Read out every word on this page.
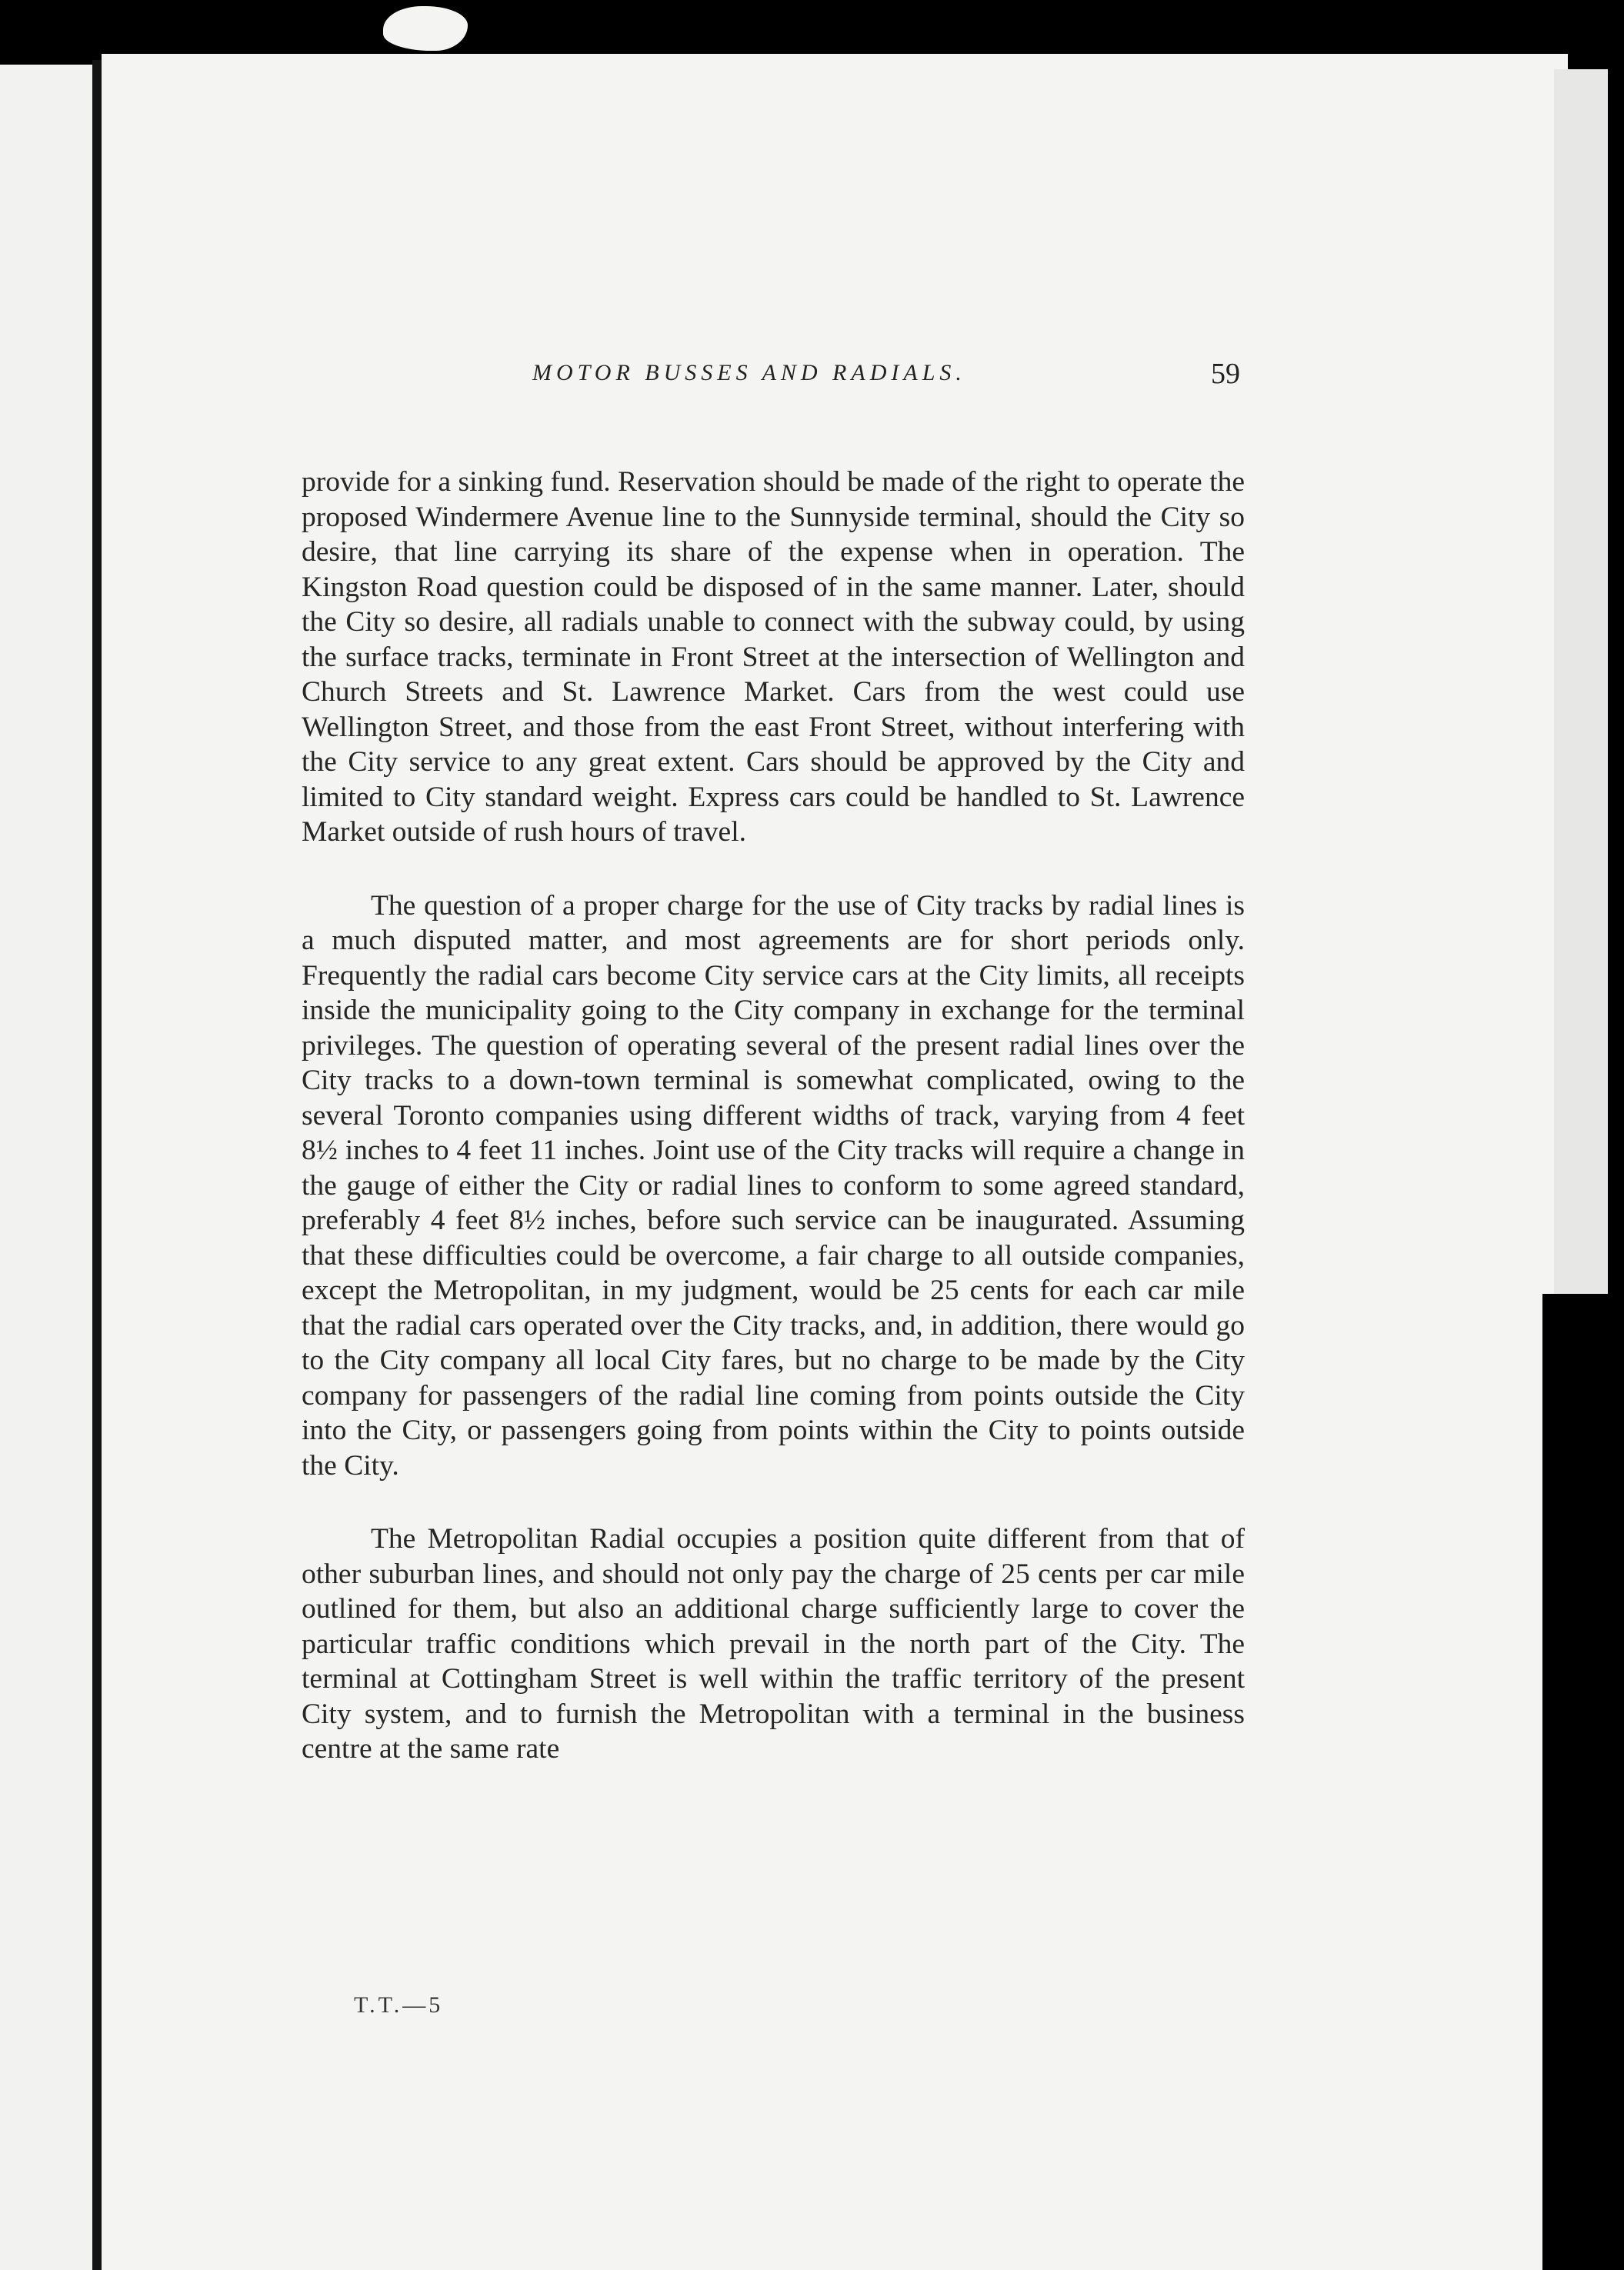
MOTOR BUSSES AND RADIALS.	59

provide for a sinking fund. Reservation should be made of the right to operate the proposed Windermere Avenue line to the Sunnyside terminal, should the City so desire, that line carrying its share of the expense when in operation. The Kingston Road question could be disposed of in the same manner. Later, should the City so desire, all radials unable to connect with the subway could, by using the surface tracks, terminate in Front Street at the intersection of Wellington and Church Streets and St. Lawrence Market. Cars from the west could use Wellington Street, and those from the east Front Street, without interfering with the City service to any great extent. Cars should be approved by the City and limited to City standard weight. Express cars could be handled to St. Lawrence Market outside of rush hours of travel.

The question of a proper charge for the use of City tracks by radial lines is a much disputed matter, and most agreements are for short periods only. Frequently the radial cars become City service cars at the City limits, all receipts inside the municipality going to the City company in exchange for the terminal privileges. The question of operating several of the present radial lines over the City tracks to a down-town terminal is somewhat complicated, owing to the several Toronto companies using different widths of track, varying from 4 feet 8½ inches to 4 feet 11 inches. Joint use of the City tracks will require a change in the gauge of either the City or radial lines to conform to some agreed standard, preferably 4 feet 8½ inches, before such service can be inaugurated. Assuming that these difficulties could be overcome, a fair charge to all outside companies, except the Metropolitan, in my judgment, would be 25 cents for each car mile that the radial cars operated over the City tracks, and, in addition, there would go to the City company all local City fares, but no charge to be made by the City company for passengers of the radial line coming from points outside the City into the City, or passengers going from points within the City to points outside the City.

The Metropolitan Radial occupies a position quite different from that of other suburban lines, and should not only pay the charge of 25 cents per car mile outlined for them, but also an additional charge sufficiently large to cover the particular traffic conditions which prevail in the north part of the City. The terminal at Cottingham Street is well within the traffic territory of the present City system, and to furnish the Metropolitan with a terminal in the business centre at the same rate

T.T.—5
